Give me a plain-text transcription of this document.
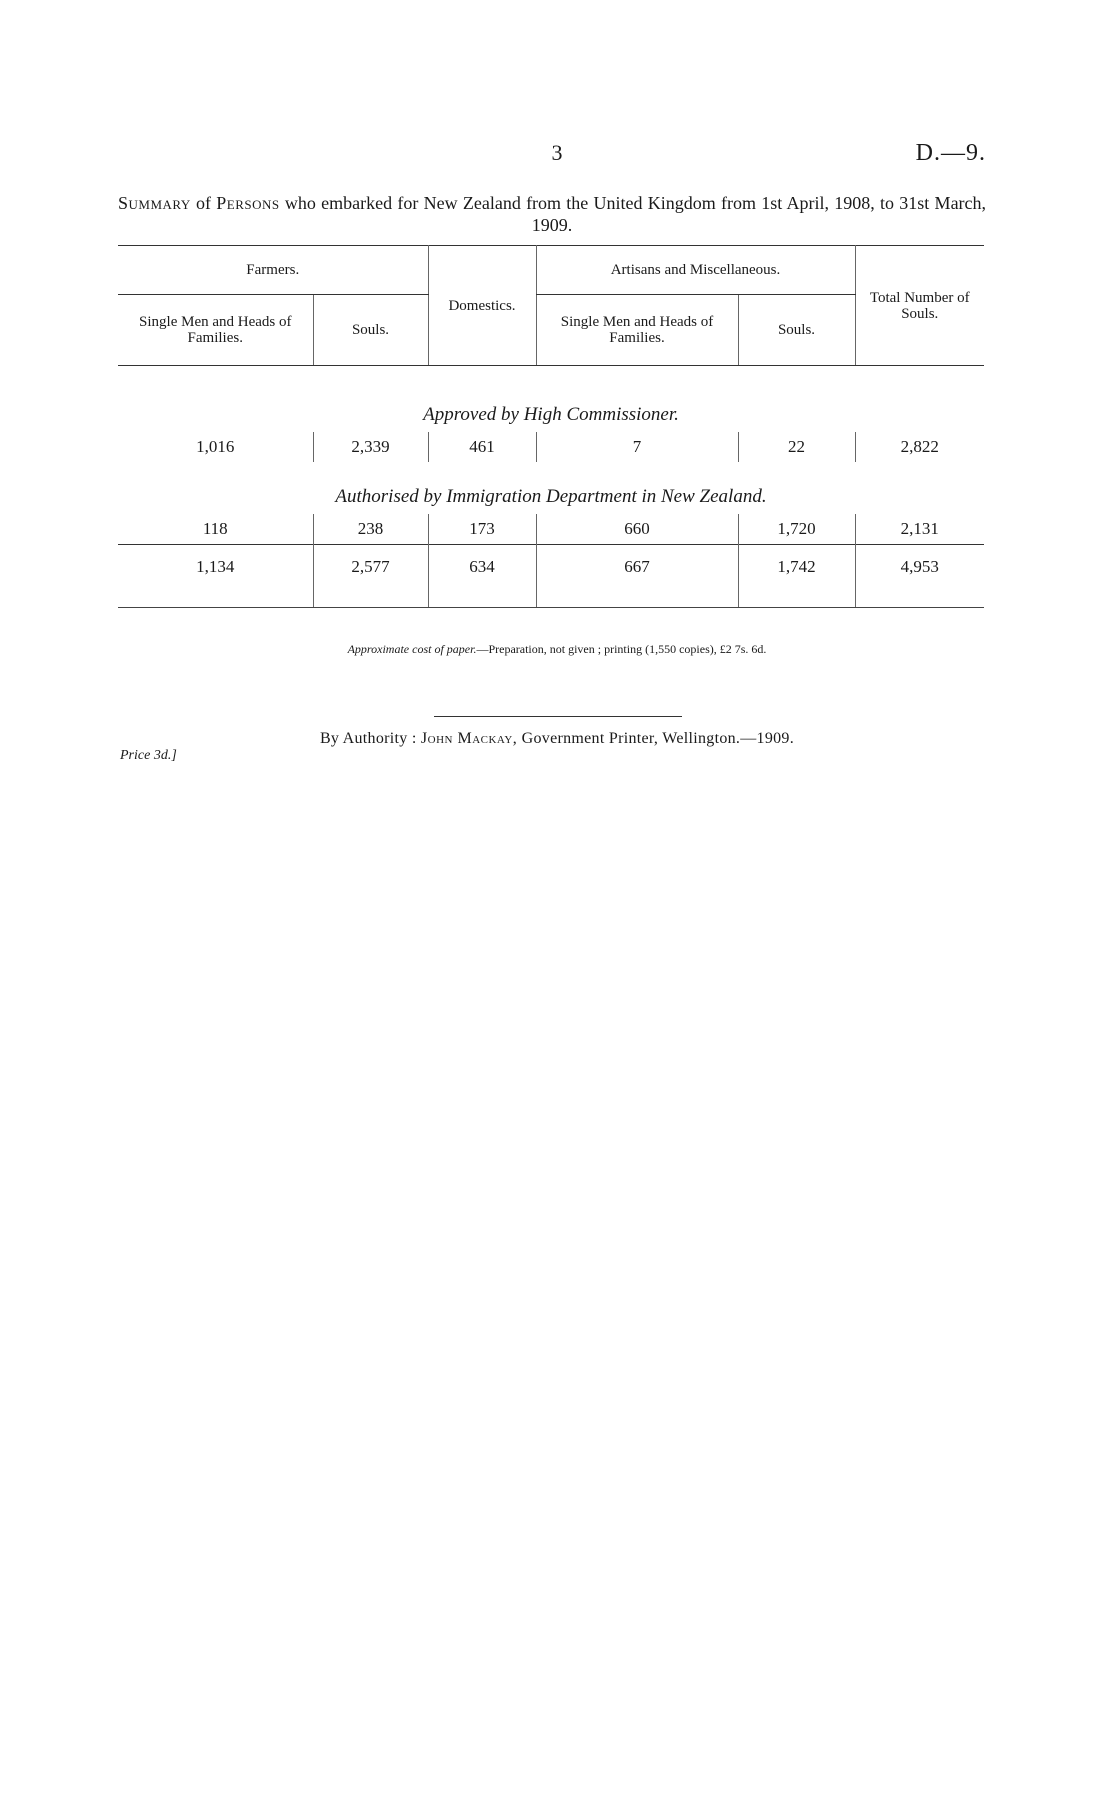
3	D.—9.
Summary of Persons who embarked for New Zealand from the United Kingdom from 1st April, 1908, to 31st March, 1909.
Farmers.		Domestics.	Artisans and Miscellaneous.		Total Number of Souls.
Single Men and Heads of Families.	Souls.		Single Men and Heads of Families.	Souls.	

Approved by High Commissioner.					
1,016	2,339	461	7	22	2,822
Authorised by Immigration Department in New Zealand.					
118	238	173	660	1,720	2,131
1,134	2,577	634	667	1,742	4,953
Approximate cost of paper.—Preparation, not given ; printing (1,550 copies), £2 7s. 6d.
By Authority : John Mackay, Government Printer, Wellington.—1909.
Price 3d.]
